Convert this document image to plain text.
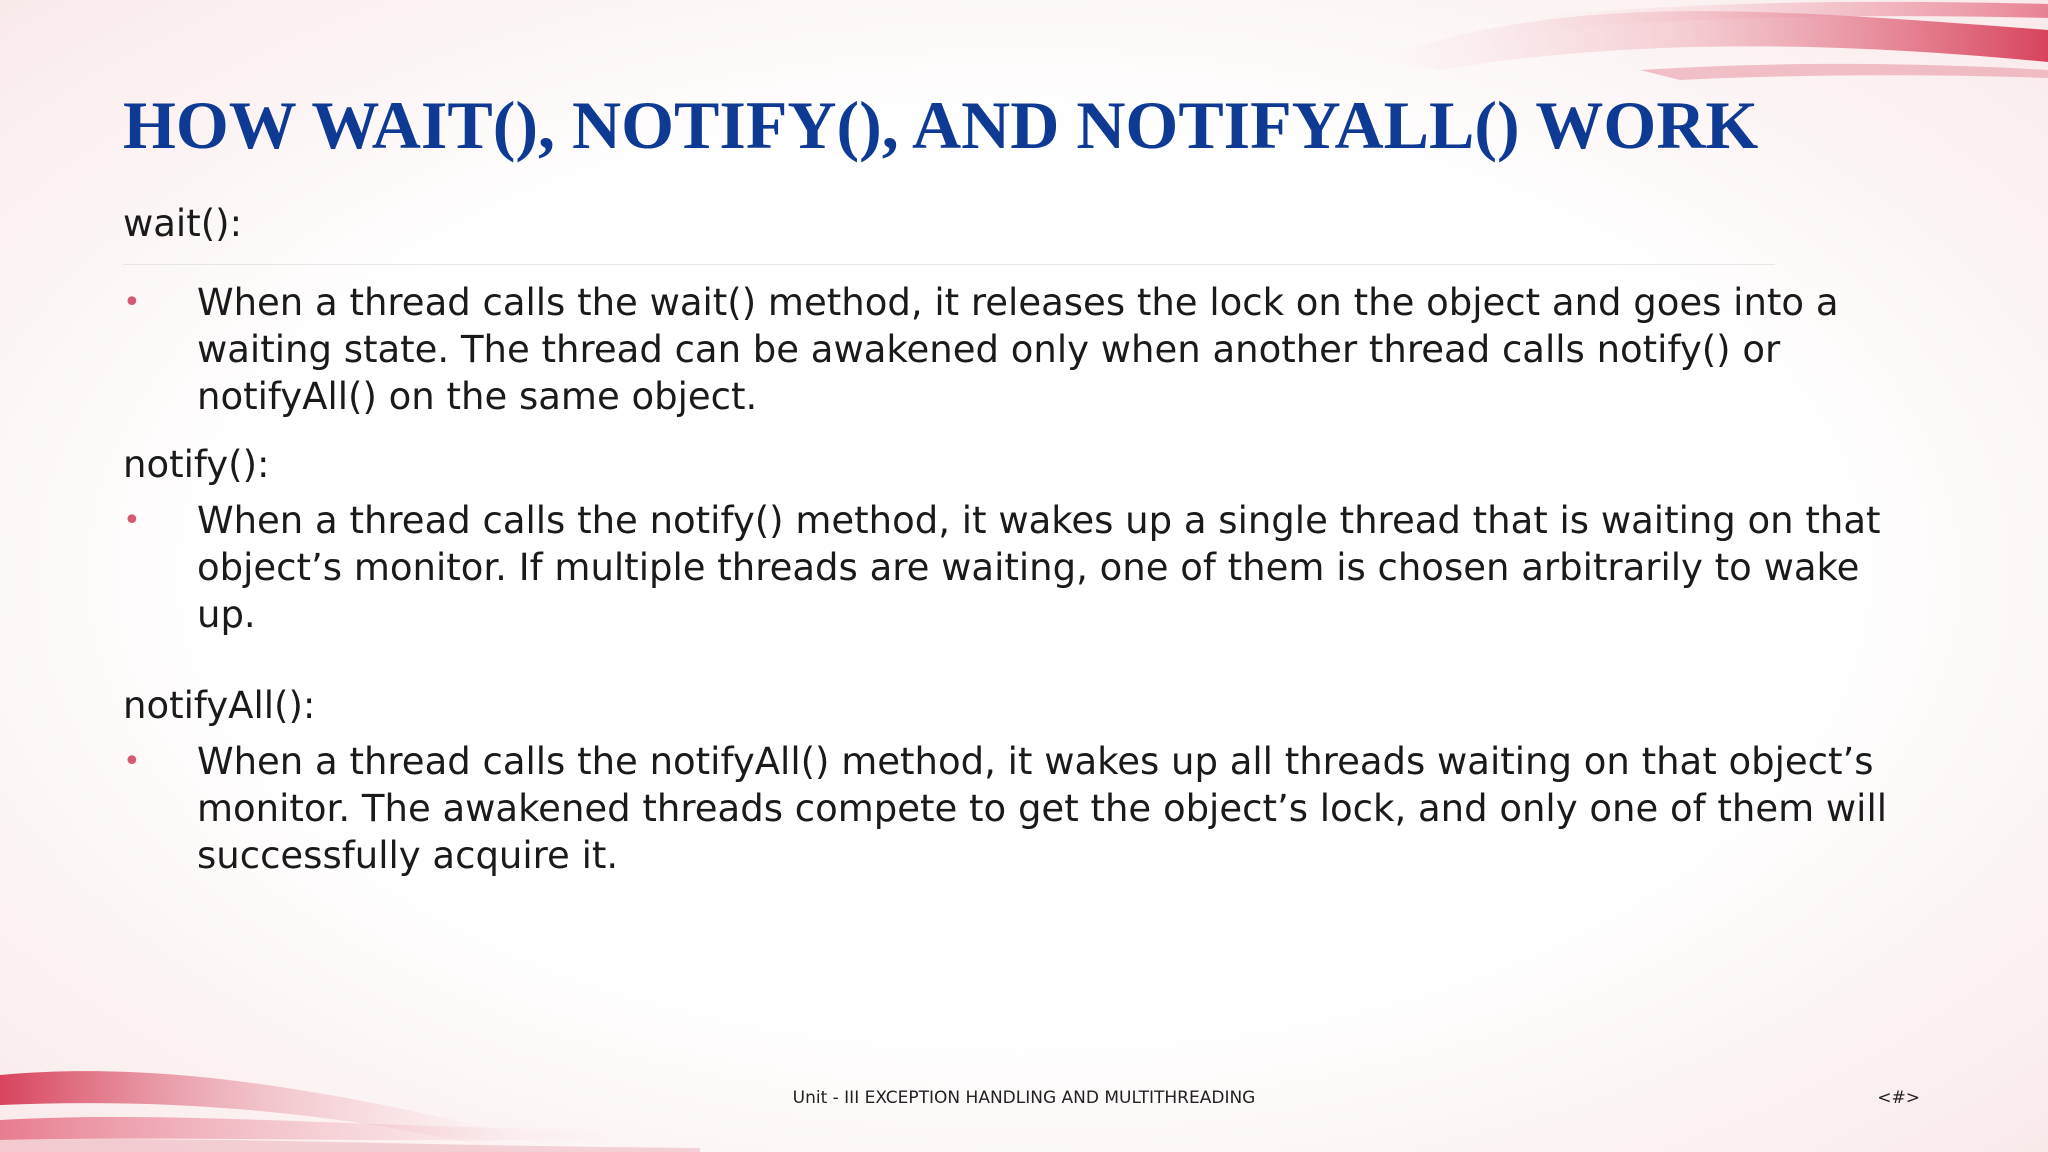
HOW WAIT(), NOTIFY(), AND NOTIFYALL() WORK

wait():

• When a thread calls the wait() method, it releases the lock on the object and goes into a waiting state. The thread can be awakened only when another thread calls notify() or notifyAll() on the same object.

notify():

• When a thread calls the notify() method, it wakes up a single thread that is waiting on that object’s monitor. If multiple threads are waiting, one of them is chosen arbitrarily to wake up.

notifyAll():

• When a thread calls the notifyAll() method, it wakes up all threads waiting on that object’s monitor. The awakened threads compete to get the object’s lock, and only one of them will successfully acquire it.

Unit - III EXCEPTION HANDLING AND MULTITHREADING	<#>
